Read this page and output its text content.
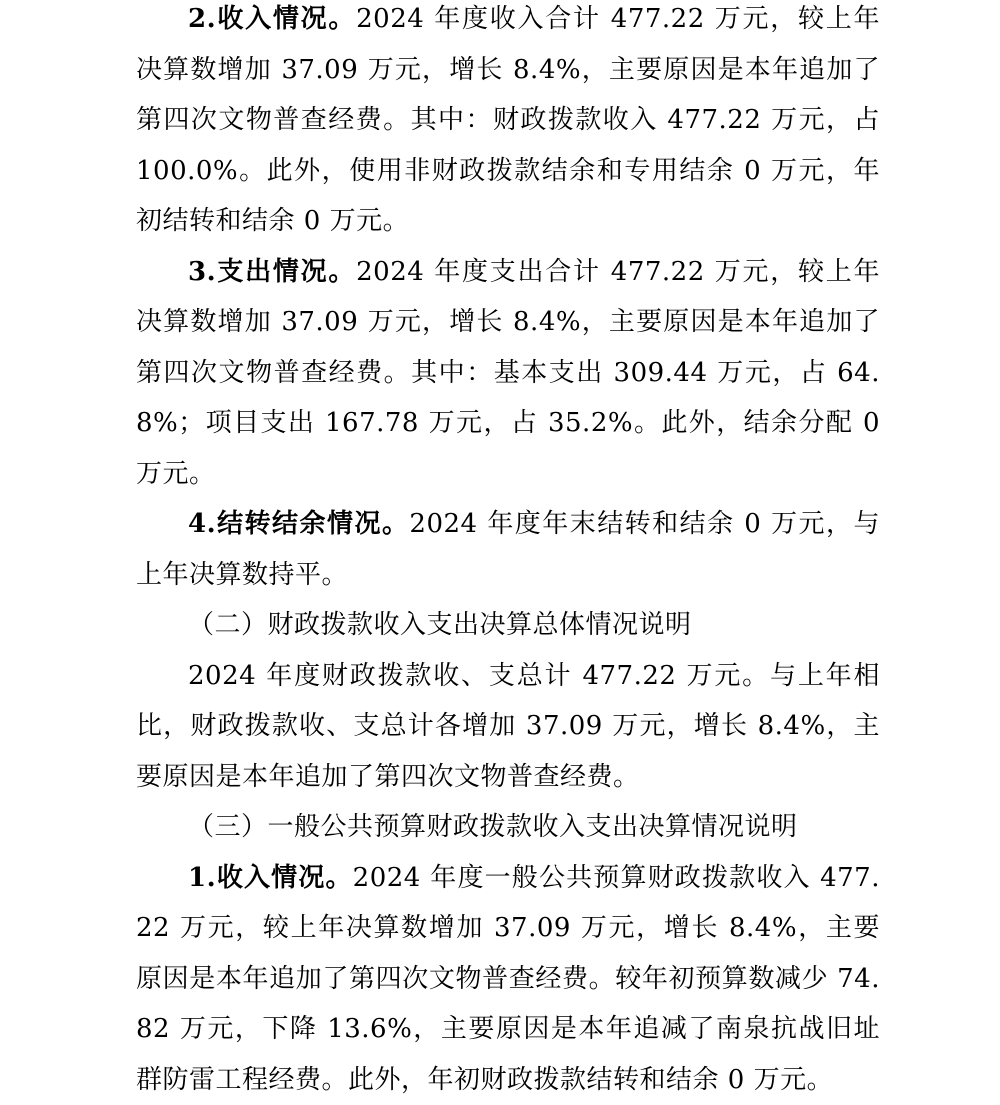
2.收入情况。2024 年度收入合计 477.22 万元，较上年决算数增加 37.09 万元，增长 8.4%，主要原因是本年追加了第四次文物普查经费。其中：财政拨款收入 477.22 万元，占 100.0%。此外，使用非财政拨款结余和专用结余 0 万元，年初结转和结余 0 万元。

3.支出情况。2024 年度支出合计 477.22 万元，较上年决算数增加 37.09 万元，增长 8.4%，主要原因是本年追加了第四次文物普查经费。其中：基本支出 309.44 万元，占 64.8%；项目支出 167.78 万元，占 35.2%。此外，结余分配 0 万元。

4.结转结余情况。2024 年度年末结转和结余 0 万元，与上年决算数持平。

（二）财政拨款收入支出决算总体情况说明

2024 年度财政拨款收、支总计 477.22 万元。与上年相比，财政拨款收、支总计各增加 37.09 万元，增长 8.4%，主要原因是本年追加了第四次文物普查经费。

（三）一般公共预算财政拨款收入支出决算情况说明

1.收入情况。2024 年度一般公共预算财政拨款收入 477.22 万元，较上年决算数增加 37.09 万元，增长 8.4%，主要原因是本年追加了第四次文物普查经费。较年初预算数减少 74.82 万元，下降 13.6%，主要原因是本年追减了南泉抗战旧址群防雷工程经费。此外，年初财政拨款结转和结余 0 万元。
